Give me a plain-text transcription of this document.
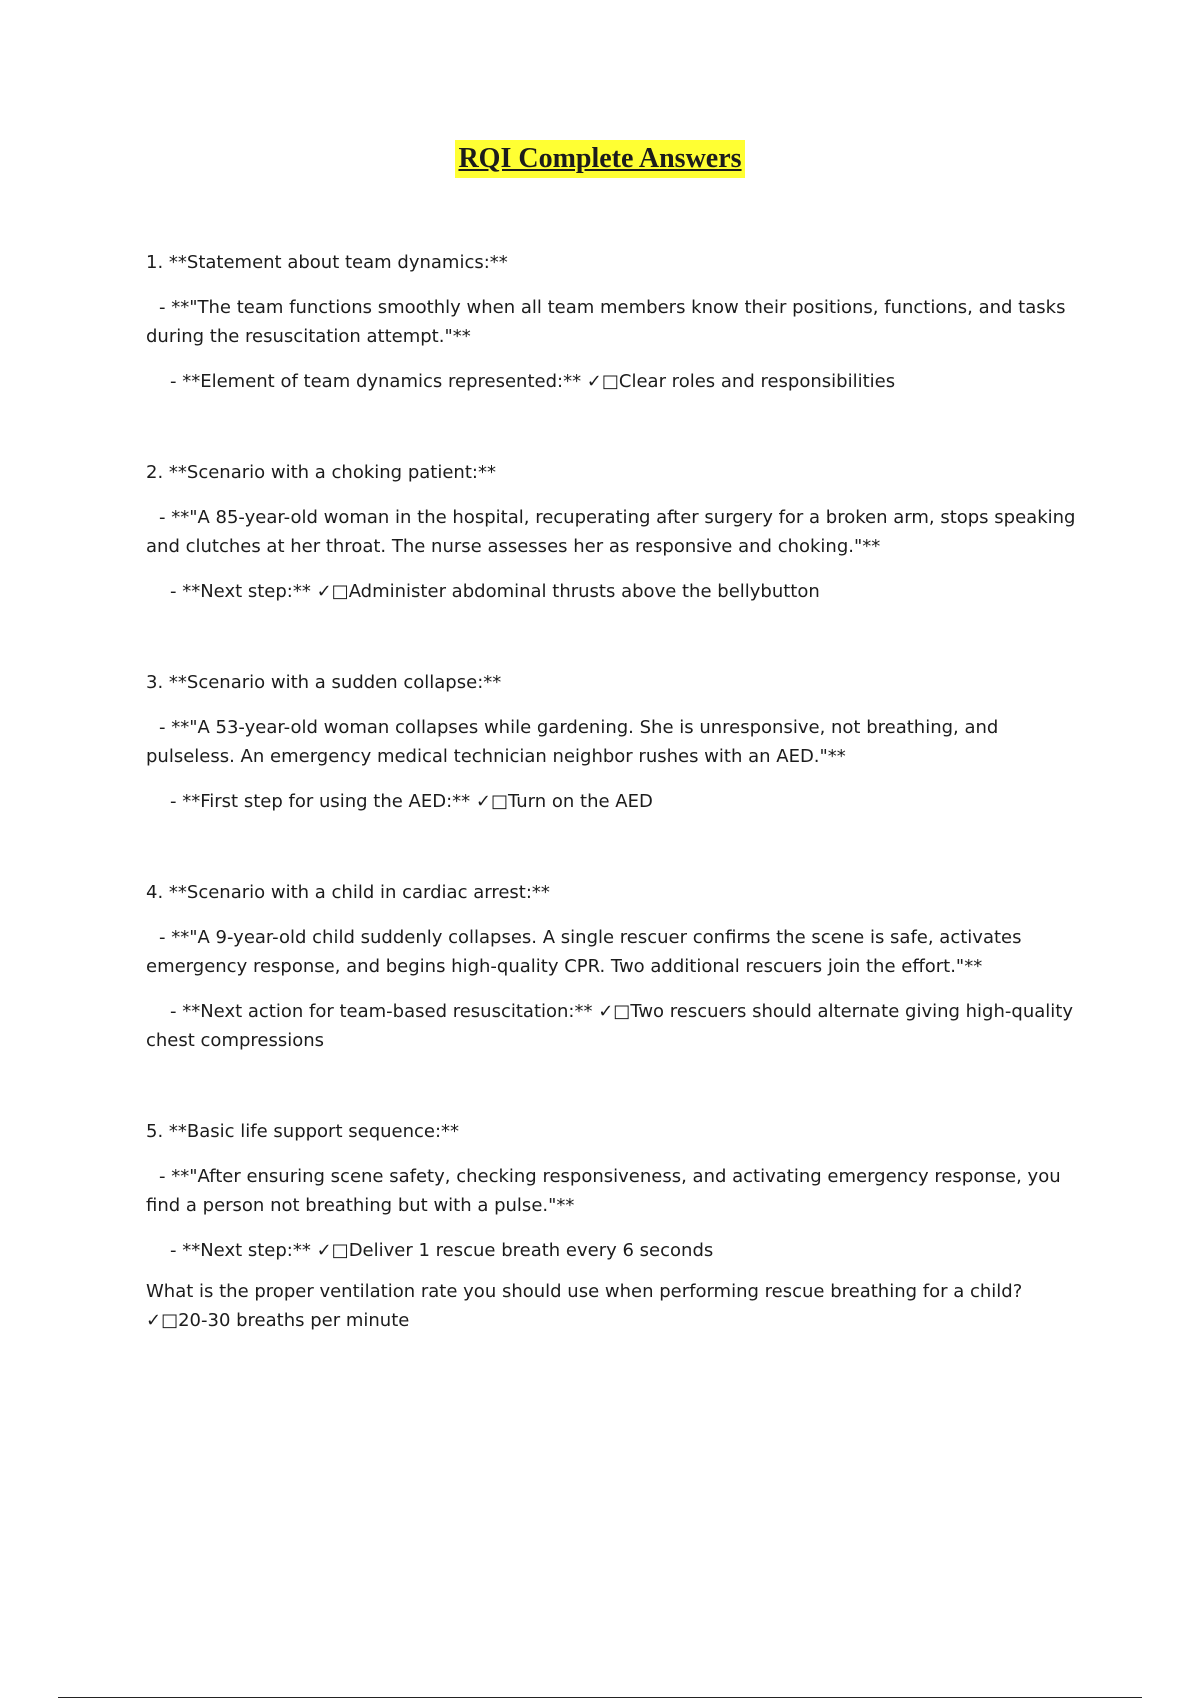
RQI Complete Answers

1. **Statement about team dynamics:**

- **"The team functions smoothly when all team members know their positions, functions, and tasks during the resuscitation attempt."**

- **Element of team dynamics represented:** ✓□Clear roles and responsibilities

2. **Scenario with a choking patient:**

- **"A 85-year-old woman in the hospital, recuperating after surgery for a broken arm, stops speaking and clutches at her throat. The nurse assesses her as responsive and choking."**

- **Next step:** ✓□Administer abdominal thrusts above the bellybutton

3. **Scenario with a sudden collapse:**

- **"A 53-year-old woman collapses while gardening. She is unresponsive, not breathing, and pulseless. An emergency medical technician neighbor rushes with an AED."**

- **First step for using the AED:** ✓□Turn on the AED

4. **Scenario with a child in cardiac arrest:**

- **"A 9-year-old child suddenly collapses. A single rescuer confirms the scene is safe, activates emergency response, and begins high-quality CPR. Two additional rescuers join the effort."**

- **Next action for team-based resuscitation:** ✓□Two rescuers should alternate giving high-quality chest compressions

5. **Basic life support sequence:**

- **"After ensuring scene safety, checking responsiveness, and activating emergency response, you find a person not breathing but with a pulse."**

- **Next step:** ✓□Deliver 1 rescue breath every 6 seconds

What is the proper ventilation rate you should use when performing rescue breathing for a child?

✓□20-30 breaths per minute
